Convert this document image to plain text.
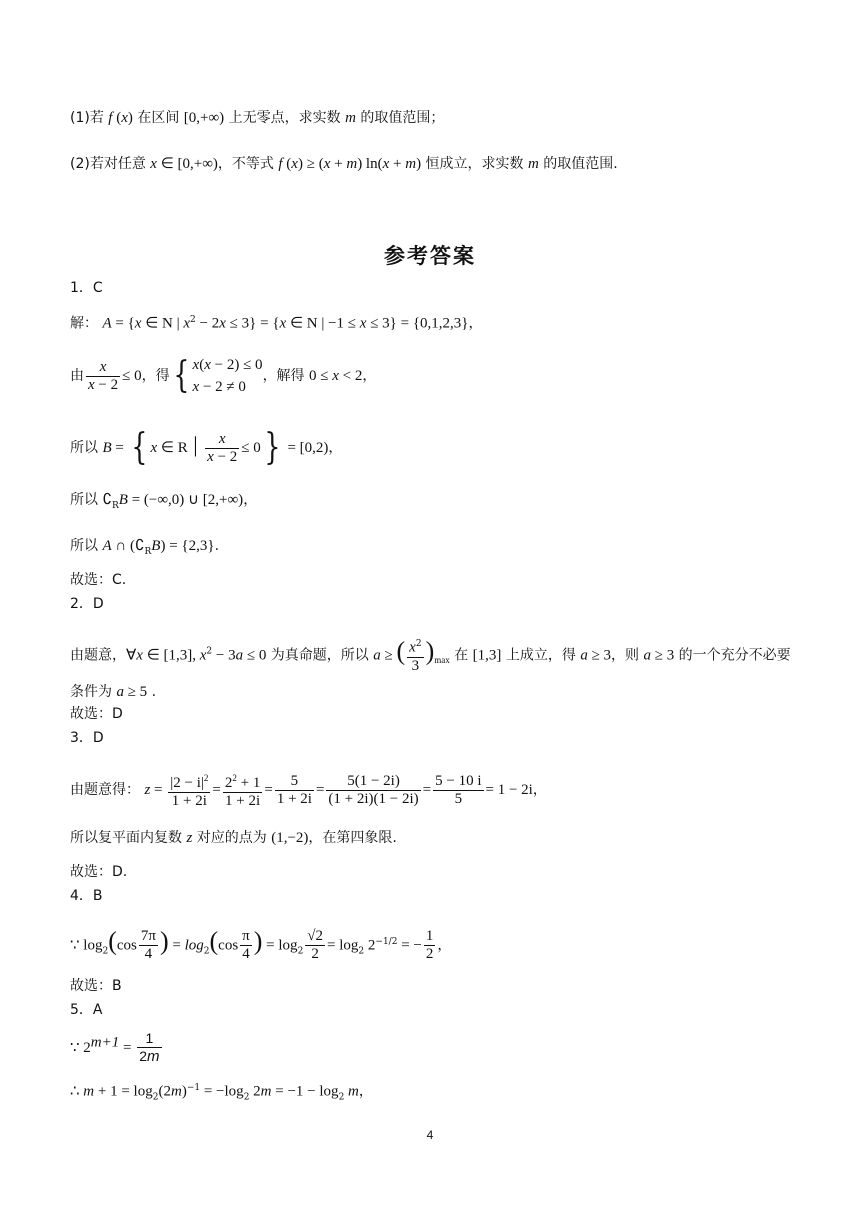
(1)若 f (x) 在区间 [0,+∞) 上无零点，求实数 m 的取值范围；
(2)若对任意 x ∈ [0,+∞)，不等式 f (x) ≥ (x + m) ln(x + m) 恒成立，求实数 m 的取值范围.
参考答案
1．C
解： A = {x ∈ N | $x^2 - 2x \le 3\} = \{x$ ∈ N | −1 ≤ x ≤ 3} = {0,1,2,3}，
由 $\frac{x}{x - 2} \le 0$，得{ x(x − 2) ≤ 0
x − 2 ≠ 0，解得 0 ≤ x < 2，
所以 B = { x ∈ R | $\frac{x}{x - 2} \le 0\} = [0,2)$，
所以 $∁_RB = (-\infty,0)$ ∪ [2,+∞)，
所以 A ∩ $(∁_RB) = \{2,3\}$.
故选：C.
2．D
由题意，∀x ∈ [1,3], $x^2 - 3a \le 0$ 为真命题，所以 a ≥ ( $\frac{x^2}{3} )_{max}$ 在 [1,3] 上成立，得 a ≥ 3，则 a ≥ 3 的一个充分不必要
条件为 a ≥ 5 .
故选：D
3．D
由题意得： $z = \frac{|2 - i|^2}{1 + 2i} = \frac{2^2 + 1}{1 + 2i} = \frac{5}{1 + 2i} = \frac{5(1 - 2i)}{(1 + 2i)(1 - 2i)} = \frac{5 - 10 i}{5} = 1 - 2i$，
所以复平面内复数 z 对应的点为 (1,−2)，在第四象限.
故选：D.
4．B
∵ $\log_2(\cos \frac{7\pi}{4}$ ) = $\log_2(\cos \frac{\pi}{4}$ ) = $\log_2 \frac{√2}{2} = \log_2 2^{-1/2}$ = − $\frac{1}{2}$ ，
故选：B
5．A
∵ $2^{m+1} = \frac{1}{2m}$
∴ $m + 1 = \log_2(2m)^{-1} = -\log_2$ $2m = -1 - \log_2 m$，
4
